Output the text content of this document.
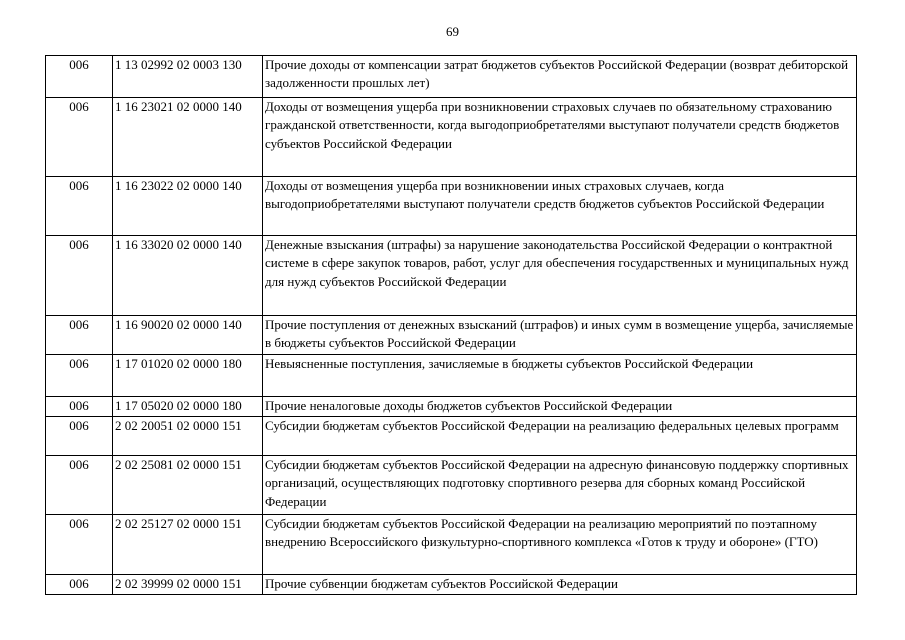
69
006	1 13 02992 02 0003 130	Прочие доходы от компенсации затрат бюджетов субъектов Российской Федерации (возврат дебиторской задолженности прошлых лет)
006	1 16 23021 02 0000 140	Доходы от возмещения ущерба при возникновении страховых случаев по обязательному страхованию гражданской ответственности, когда выгодоприобретателями выступают получатели средств бюджетов субъектов Российской Федерации
006	1 16 23022 02 0000 140	Доходы от возмещения ущерба при возникновении иных страховых случаев, когда выгодоприобретателями выступают получатели средств бюджетов субъектов Российской Федерации
006	1 16 33020 02 0000 140	Денежные взыскания (штрафы) за нарушение законодательства Российской Федерации о контрактной системе в сфере закупок товаров, работ, услуг для обеспечения государственных и муниципальных нужд для нужд субъектов Российской Федерации
006	1 16 90020 02 0000 140	Прочие поступления от денежных взысканий (штрафов) и иных сумм в возмещение ущерба, зачисляемые в бюджеты субъектов Российской Федерации
006	1 17 01020 02 0000 180	Невыясненные поступления, зачисляемые в бюджеты субъектов Российской Федерации
006	1 17 05020 02 0000 180	Прочие неналоговые доходы бюджетов субъектов Российской Федерации
006	2 02 20051 02 0000 151	Субсидии бюджетам субъектов Российской Федерации на реализацию федеральных целевых программ
006	2 02 25081 02 0000 151	Субсидии бюджетам субъектов Российской Федерации на адресную финансовую поддержку спортивных организаций, осуществляющих подготовку спортивного резерва для сборных команд Российской Федерации
006	2 02 25127 02 0000 151	Субсидии бюджетам субъектов Российской Федерации на реализацию мероприятий по поэтапному внедрению Всероссийского физкультурно-спортивного комплекса «Готов к труду и обороне» (ГТО)
006	2 02 39999 02 0000 151	Прочие субвенции бюджетам субъектов Российской Федерации
